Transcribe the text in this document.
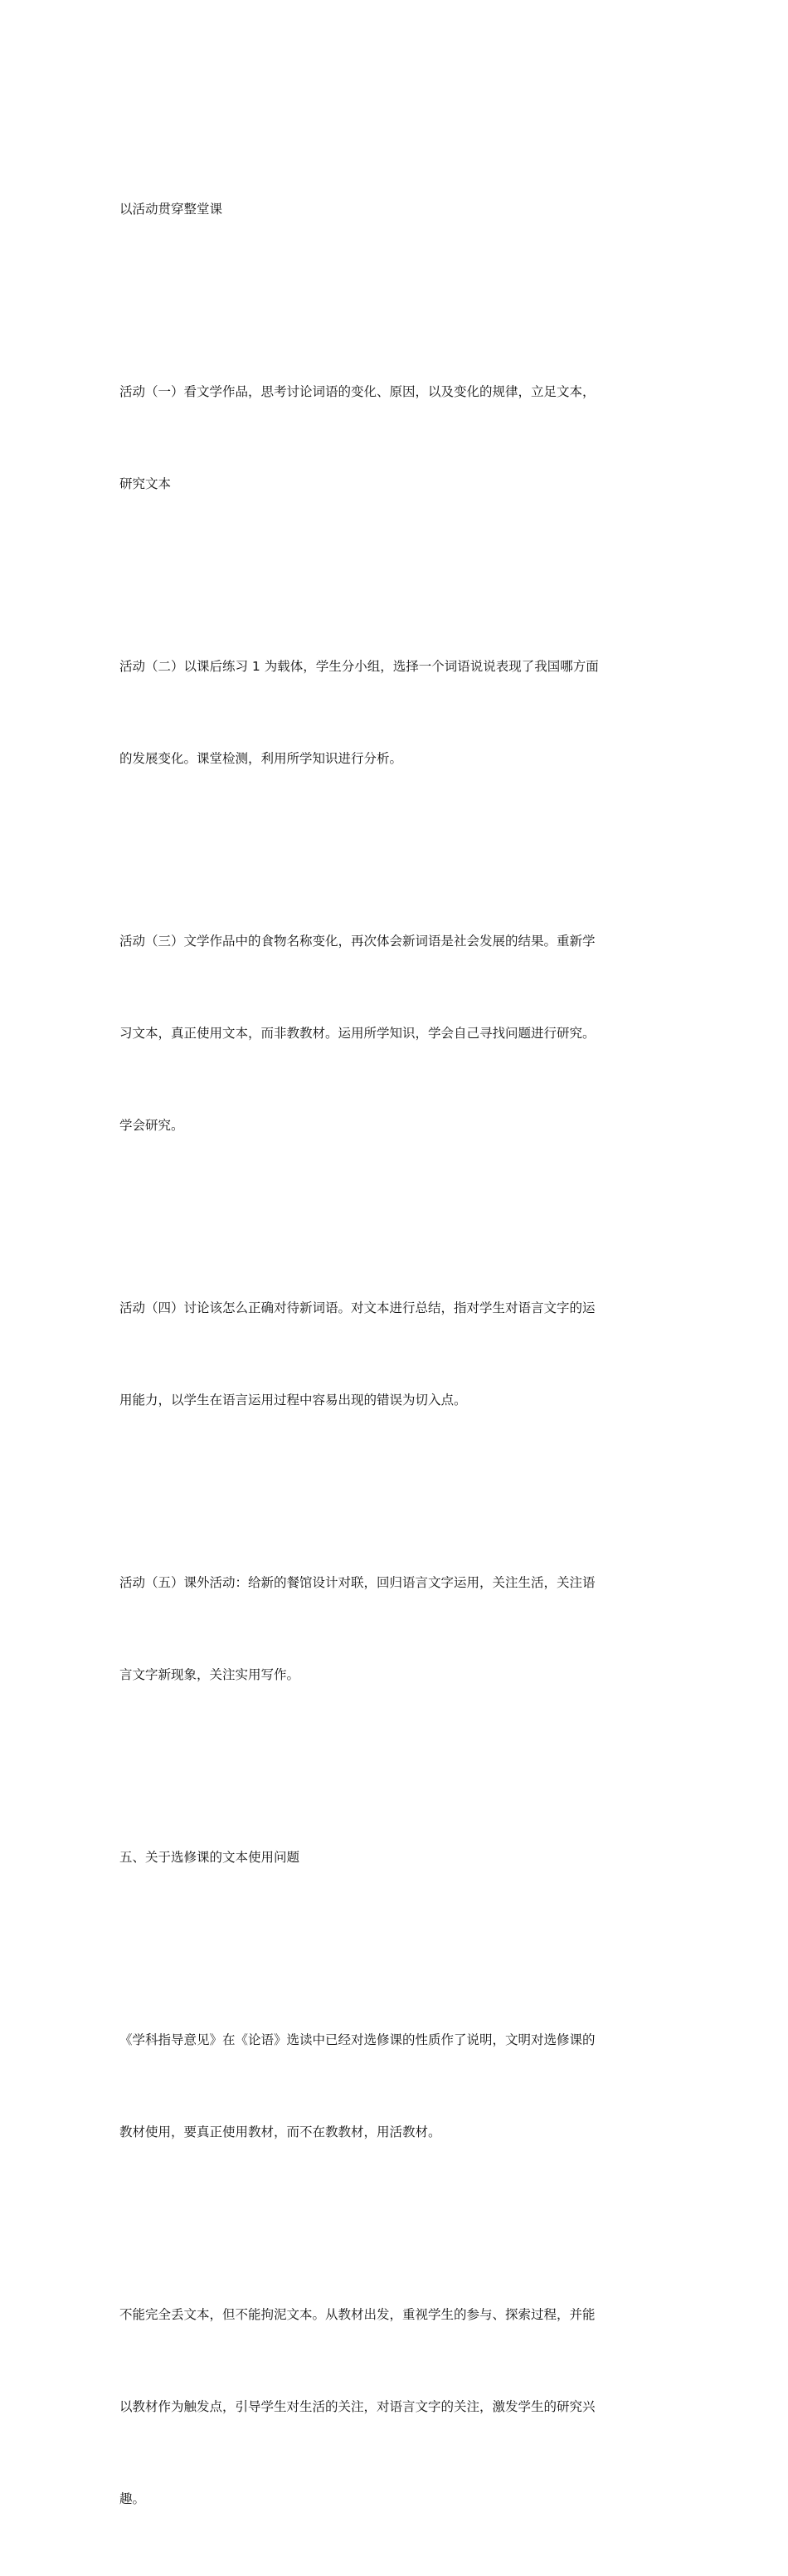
以活动贯穿整堂课

活动（一）看文学作品，思考讨论词语的变化、原因，以及变化的规律，立足文本，

研究文本

活动（二）以课后练习 1 为载体，学生分小组，选择一个词语说说表现了我国哪方面

的发展变化。课堂检测，利用所学知识进行分析。

活动（三）文学作品中的食物名称变化，再次体会新词语是社会发展的结果。重新学

习文本，真正使用文本，而非教教材。运用所学知识，学会自己寻找问题进行研究。

学会研究。

活动（四）讨论该怎么正确对待新词语。对文本进行总结，指对学生对语言文字的运

用能力，以学生在语言运用过程中容易出现的错误为切入点。

活动（五）课外活动：给新的餐馆设计对联，回归语言文字运用，关注生活，关注语

言文字新现象，关注实用写作。

五、关于选修课的文本使用问题

《学科指导意见》在《论语》选读中已经对选修课的性质作了说明，文明对选修课的

教材使用，要真正使用教材，而不在教教材，用活教材。

不能完全丢文本，但不能拘泥文本。从教材出发，重视学生的参与、探索过程，并能

以教材作为触发点，引导学生对生活的关注，对语言文字的关注，激发学生的研究兴

趣。
